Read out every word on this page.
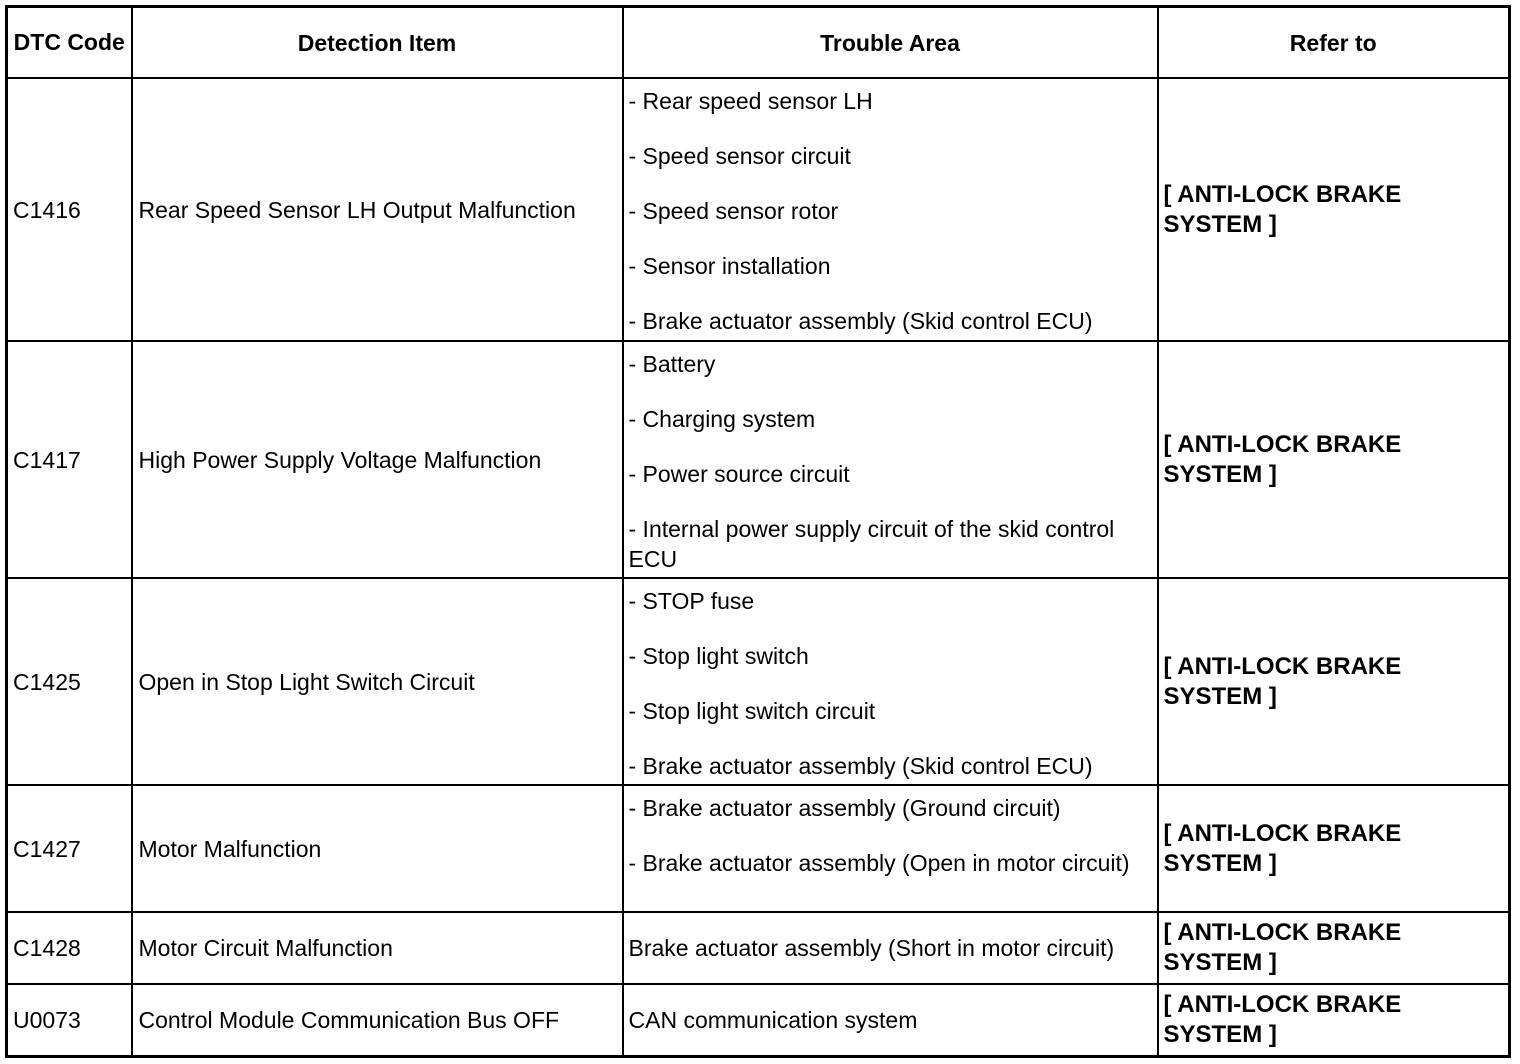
DTC Code	Detection Item	Trouble Area	Refer to
C1416	Rear Speed Sensor LH Output Malfunction	- Rear speed sensor LH
- Speed sensor circuit
- Speed sensor rotor
- Sensor installation
- Brake actuator assembly (Skid control ECU)	[ ANTI-LOCK BRAKE SYSTEM ]
C1417	High Power Supply Voltage Malfunction	- Battery
- Charging system
- Power source circuit
- Internal power supply circuit of the skid control ECU	[ ANTI-LOCK BRAKE SYSTEM ]
C1425	Open in Stop Light Switch Circuit	- STOP fuse
- Stop light switch
- Stop light switch circuit
- Brake actuator assembly (Skid control ECU)	[ ANTI-LOCK BRAKE SYSTEM ]
C1427	Motor Malfunction	- Brake actuator assembly (Ground circuit)
- Brake actuator assembly (Open in motor circuit)	[ ANTI-LOCK BRAKE SYSTEM ]
C1428	Motor Circuit Malfunction	Brake actuator assembly (Short in motor circuit)	[ ANTI-LOCK BRAKE SYSTEM ]
U0073	Control Module Communication Bus OFF	CAN communication system	[ ANTI-LOCK BRAKE SYSTEM ]
